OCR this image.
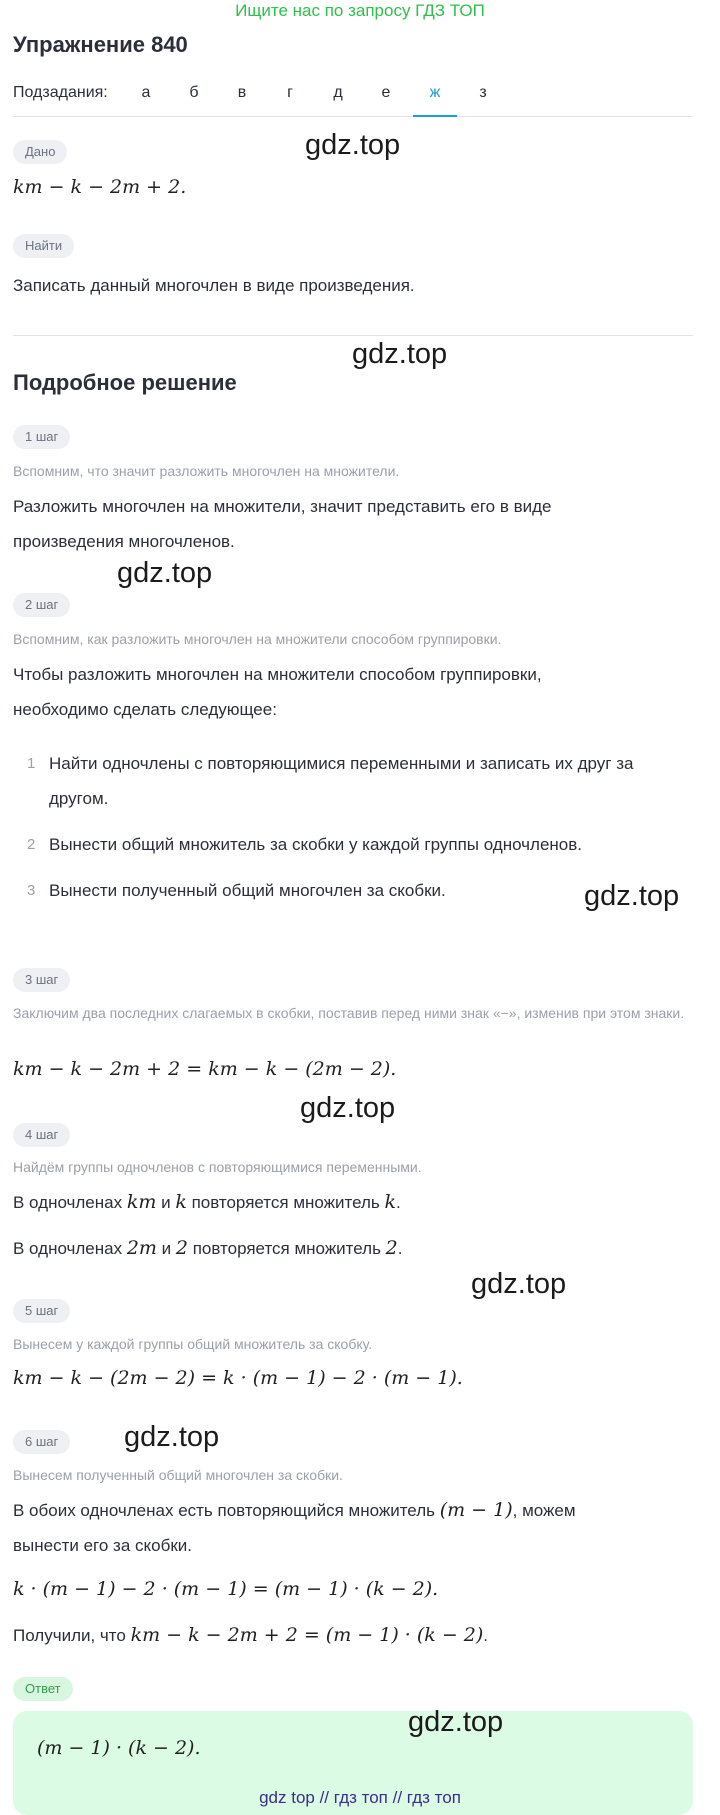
Ищите нас по запросу ГДЗ ТОП
Упражнение 840
Подзадания:	а	б	в	г	д	е	ж	з
Дано
km − k − 2m + 2.
Найти
Записать данный многочлен в виде произведения.
Подробное решение
1 шаг
Вспомним, что значит разложить многочлен на множители.
Разложить многочлен на множители, значит представить его в виде произведения многочленов.
2 шаг
Вспомним, как разложить многочлен на множители способом группировки.
Чтобы разложить многочлен на множители способом группировки, необходимо сделать следующее:
1 Найти одночлены с повторяющимися переменными и записать их друг за другом.
2 Вынести общий множитель за скобки у каждой группы одночленов.
3 Вынести полученный общий многочлен за скобки.
3 шаг
Заключим два последних слагаемых в скобки, поставив перед ними знак «−», изменив при этом знаки.
km − k − 2m + 2 = km − k − (2m − 2).
4 шаг
Найдём группы одночленов с повторяющимися переменными.
В одночленах km и k повторяется множитель k.
В одночленах 2m и 2 повторяется множитель 2.
5 шаг
Вынесем у каждой группы общий множитель за скобку.
km − k − (2m − 2) = k · (m − 1) − 2 · (m − 1).
6 шаг
Вынесем полученный общий многочлен за скобки.
В обоих одночленах есть повторяющийся множитель (m − 1), можем вынести его за скобки.
k · (m − 1) − 2 · (m − 1) = (m − 1) · (k − 2).
Получили, что km − k − 2m + 2 = (m − 1) · (k − 2).
Ответ
(m − 1) · (k − 2).
gdz.top
gdz.top
gdz.top
gdz.top
gdz.top
gdz.top
gdz.top
gdz.top
gdz top // гдз топ // гдз топ
